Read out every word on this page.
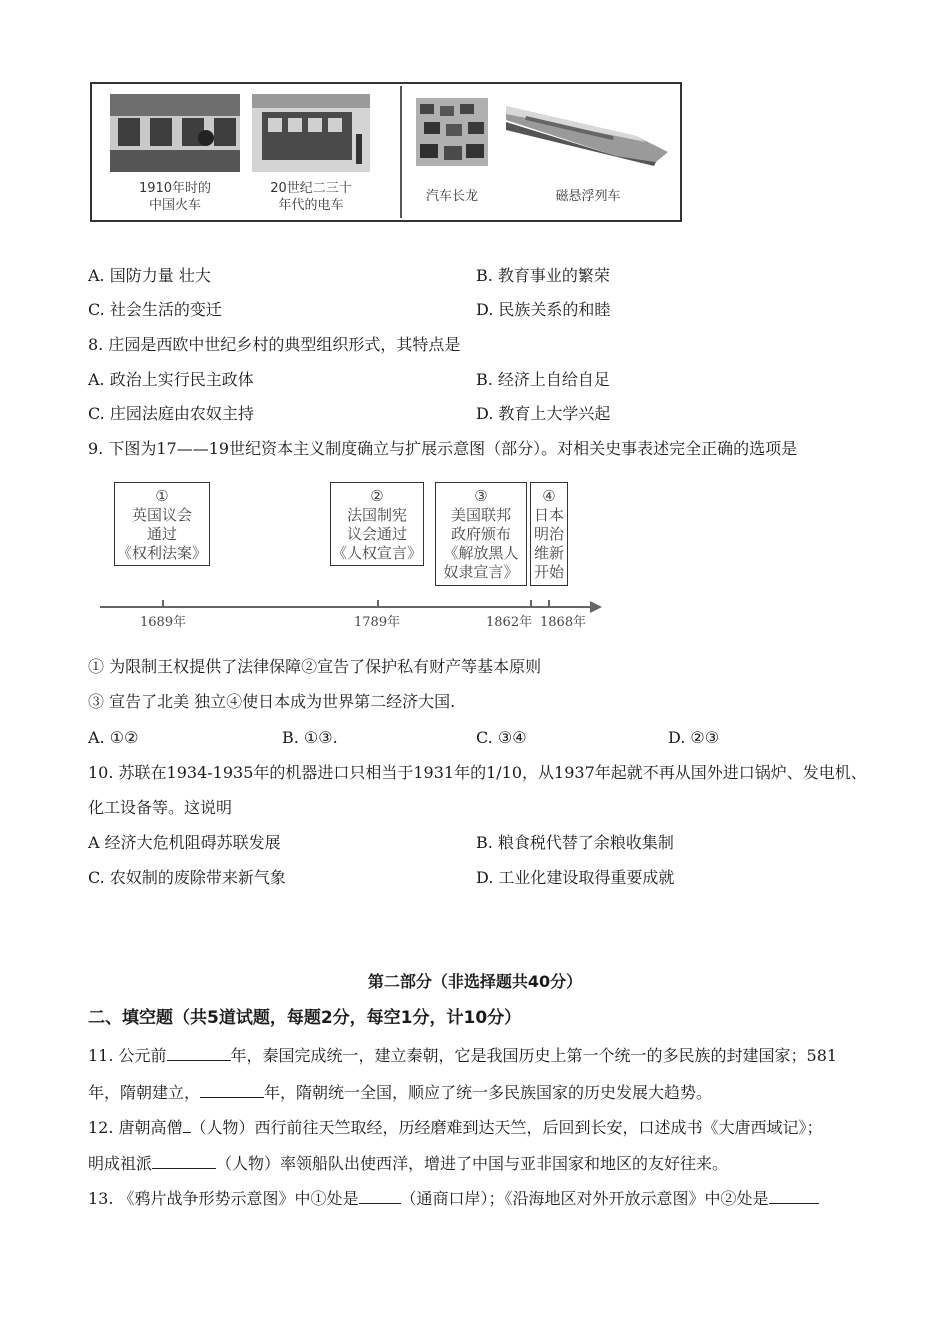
1910年时的
中国火车
20世纪二三十
年代的电车
汽车长龙	磁悬浮列车
A. 国防力量 壮大	B. 教育事业的繁荣
C. 社会生活的变迁	D. 民族关系的和睦
8. 庄园是西欧中世纪乡村的典型组织形式，其特点是
A. 政治上实行民主政体	B. 经济上自给自足
C. 庄园法庭由农奴主持	D. 教育上大学兴起
9. 下图为17——19世纪资本主义制度确立与扩展示意图（部分）。对相关史事表述完全正确的选项是
①
英国议会
通过
《权利法案》
②
法国制宪
议会通过
《人权宣言》
③
美国联邦
政府颁布
《解放黑人
奴隶宣言》
④
日本
明治
维新
开始
1689年	1789年	1862年 1868年
① 为限制王权提供了法律保障②宣告了保护私有财产等基本原则
③ 宣告了北美 独立④使日本成为世界第二经济大国.
A. ①②	B. ①③.	C. ③④	D. ②③
10. 苏联在1934-1935年的机器进口只相当于1931年的1/10，从1937年起就不再从国外进口锅炉、发电机、
化工设备等。这说明
A 经济大危机阻碍苏联发展	B. 粮食税代替了余粮收集制
C. 农奴制的废除带来新气象	D. 工业化建设取得重要成就
第二部分（非选择题共40分）
二、填空题（共5道试题，每题2分，每空1分，计10分）
11. 公元前	年，秦国完成统一，建立秦朝，它是我国历史上第一个统一的多民族的封建国家；581
年，隋朝建立，	年，隋朝统一全国，顺应了统一多民族国家的历史发展大趋势。
12. 唐朝高僧 （人物）西行前往天竺取经，历经磨难到达天竺，后回到长安，口述成书《大唐西域记》；
明成祖派	（人物）率领船队出使西洋，增进了中国与亚非国家和地区的友好往来。
13. 《鸦片战争形势示意图》中①处是	（通商口岸）；《沿海地区对外开放示意图》中②处是
